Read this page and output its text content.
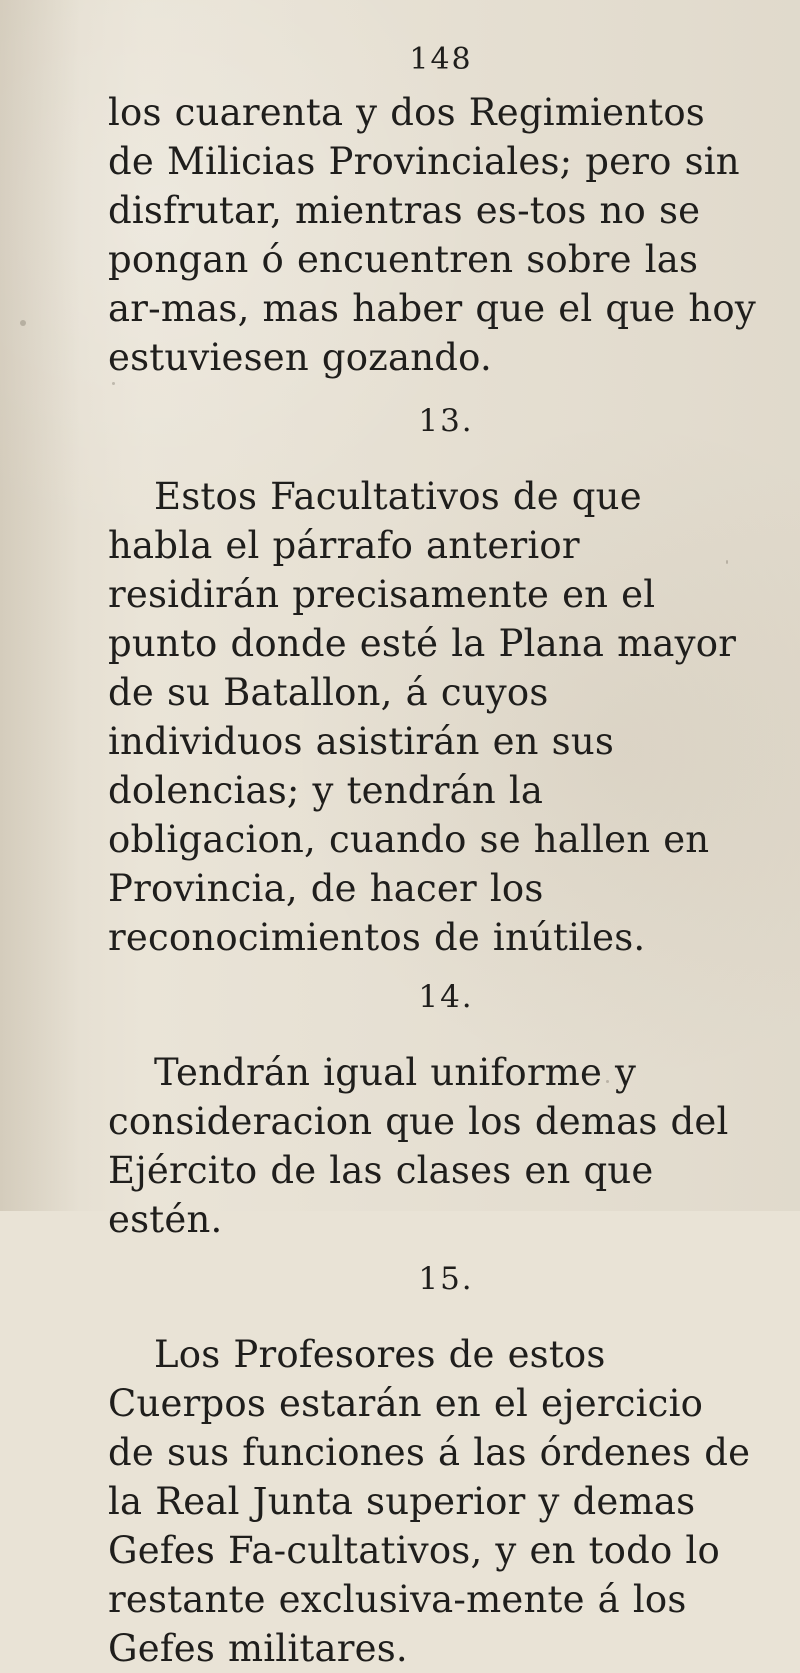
148

los cuarenta y dos Regimientos de Milicias Provinciales; pero sin disfrutar, mientras es-tos no se pongan ó encuentren sobre las ar-mas, mas haber que el que hoy estuviesen gozando.

13.

Estos Facultativos de que habla el párrafo anterior residirán precisamente en el punto donde esté la Plana mayor de su Batallon, á cuyos individuos asistirán en sus dolencias; y tendrán la obligacion, cuando se hallen en Provincia, de hacer los reconocimientos de inútiles.

14.

Tendrán igual uniforme y consideracion que los demas del Ejército de las clases en que estén.

15.

Los Profesores de estos Cuerpos estarán en el ejercicio de sus funciones á las órdenes de la Real Junta superior y demas Gefes Fa-cultativos, y en todo lo restante exclusiva-mente á los Gefes militares.
